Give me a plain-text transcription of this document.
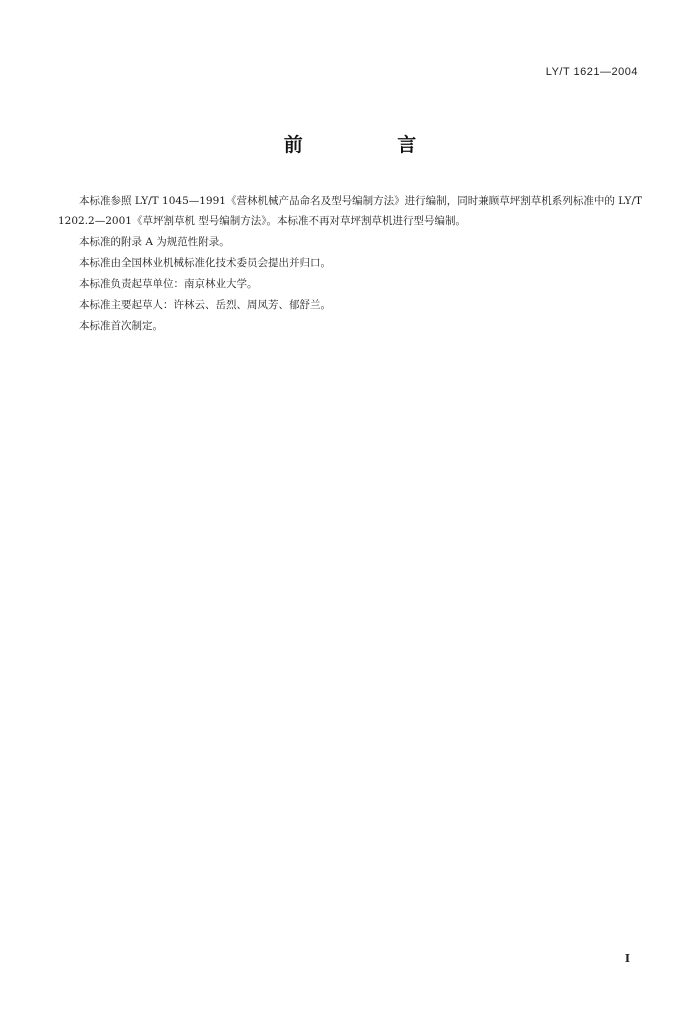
LY/T 1621—2004
前 言

本标准参照 LY/T 1045—1991《营林机械产品命名及型号编制方法》进行编制，同时兼顾草坪割草机系列标准中的 LY/T 1202.2—2001《草坪割草机 型号编制方法》。本标准不再对草坪割草机进行型号编制。

本标准的附录 A 为规范性附录。

本标准由全国林业机械标准化技术委员会提出并归口。

本标准负责起草单位：南京林业大学。

本标准主要起草人：许林云、岳烈、周凤芳、郁舒兰。

本标准首次制定。

I
